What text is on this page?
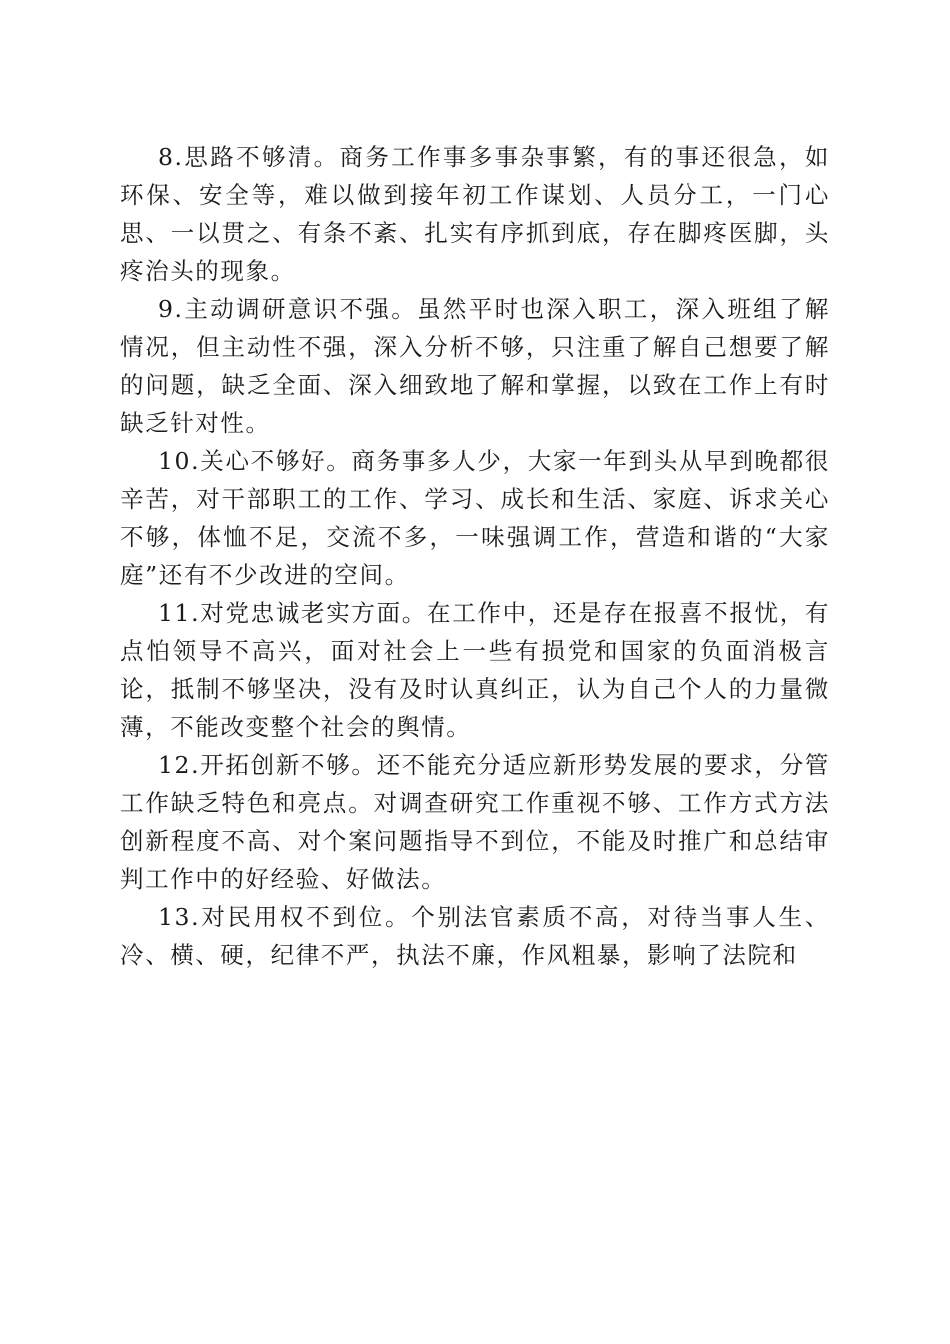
8.思路不够清。商务工作事多事杂事繁，有的事还很急，如环保、安全等，难以做到接年初工作谋划、人员分工，一门心思、一以贯之、有条不紊、扎实有序抓到底，存在脚疼医脚，头疼治头的现象。

9.主动调研意识不强。虽然平时也深入职工，深入班组了解情况，但主动性不强，深入分析不够，只注重了解自己想要了解的问题，缺乏全面、深入细致地了解和掌握，以致在工作上有时缺乏针对性。

10.关心不够好。商务事多人少，大家一年到头从早到晚都很辛苦，对干部职工的工作、学习、成长和生活、家庭、诉求关心不够，体恤不足，交流不多，一味强调工作，营造和谐的“大家庭”还有不少改进的空间。

11.对党忠诚老实方面。在工作中，还是存在报喜不报忧，有点怕领导不高兴，面对社会上一些有损党和国家的负面消极言论，抵制不够坚决，没有及时认真纠正，认为自己个人的力量微薄，不能改变整个社会的舆情。

12.开拓创新不够。还不能充分适应新形势发展的要求，分管工作缺乏特色和亮点。对调查研究工作重视不够、工作方式方法创新程度不高、对个案问题指导不到位，不能及时推广和总结审判工作中的好经验、好做法。

13.对民用权不到位。个别法官素质不高，对待当事人生、冷、横、硬，纪律不严，执法不廉，作风粗暴，影响了法院和
